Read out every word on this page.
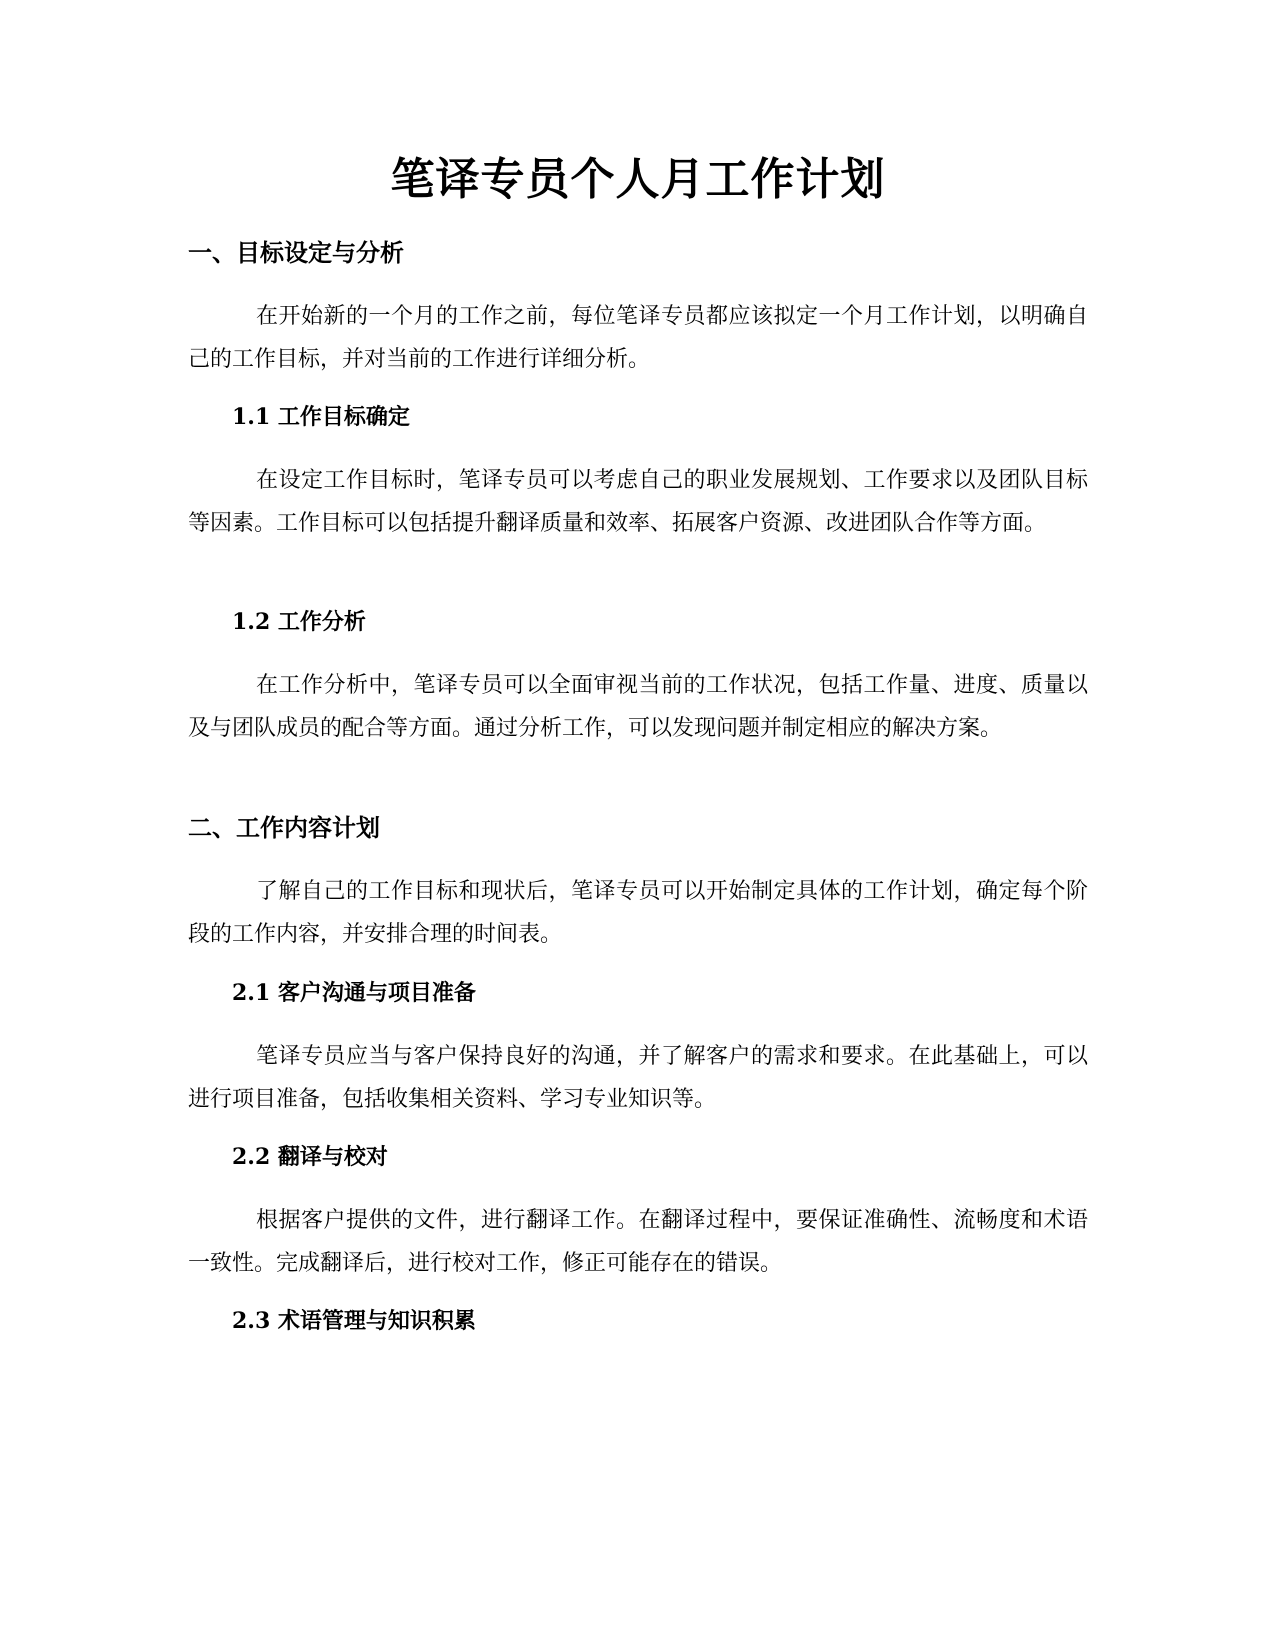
笔译专员个人月工作计划
一、目标设定与分析

在开始新的一个月的工作之前，每位笔译专员都应该拟定一个月工作计划，以明确自己的工作目标，并对当前的工作进行详细分析。

1.1 工作目标确定

在设定工作目标时，笔译专员可以考虑自己的职业发展规划、工作要求以及团队目标等因素。工作目标可以包括提升翻译质量和效率、拓展客户资源、改进团队合作等方面。

1.2 工作分析

在工作分析中，笔译专员可以全面审视当前的工作状况，包括工作量、进度、质量以及与团队成员的配合等方面。通过分析工作，可以发现问题并制定相应的解决方案。

二、工作内容计划

了解自己的工作目标和现状后，笔译专员可以开始制定具体的工作计划，确定每个阶段的工作内容，并安排合理的时间表。

2.1 客户沟通与项目准备

笔译专员应当与客户保持良好的沟通，并了解客户的需求和要求。在此基础上，可以进行项目准备，包括收集相关资料、学习专业知识等。

2.2 翻译与校对

根据客户提供的文件，进行翻译工作。在翻译过程中，要保证准确性、流畅度和术语一致性。完成翻译后，进行校对工作，修正可能存在的错误。

2.3 术语管理与知识积累
